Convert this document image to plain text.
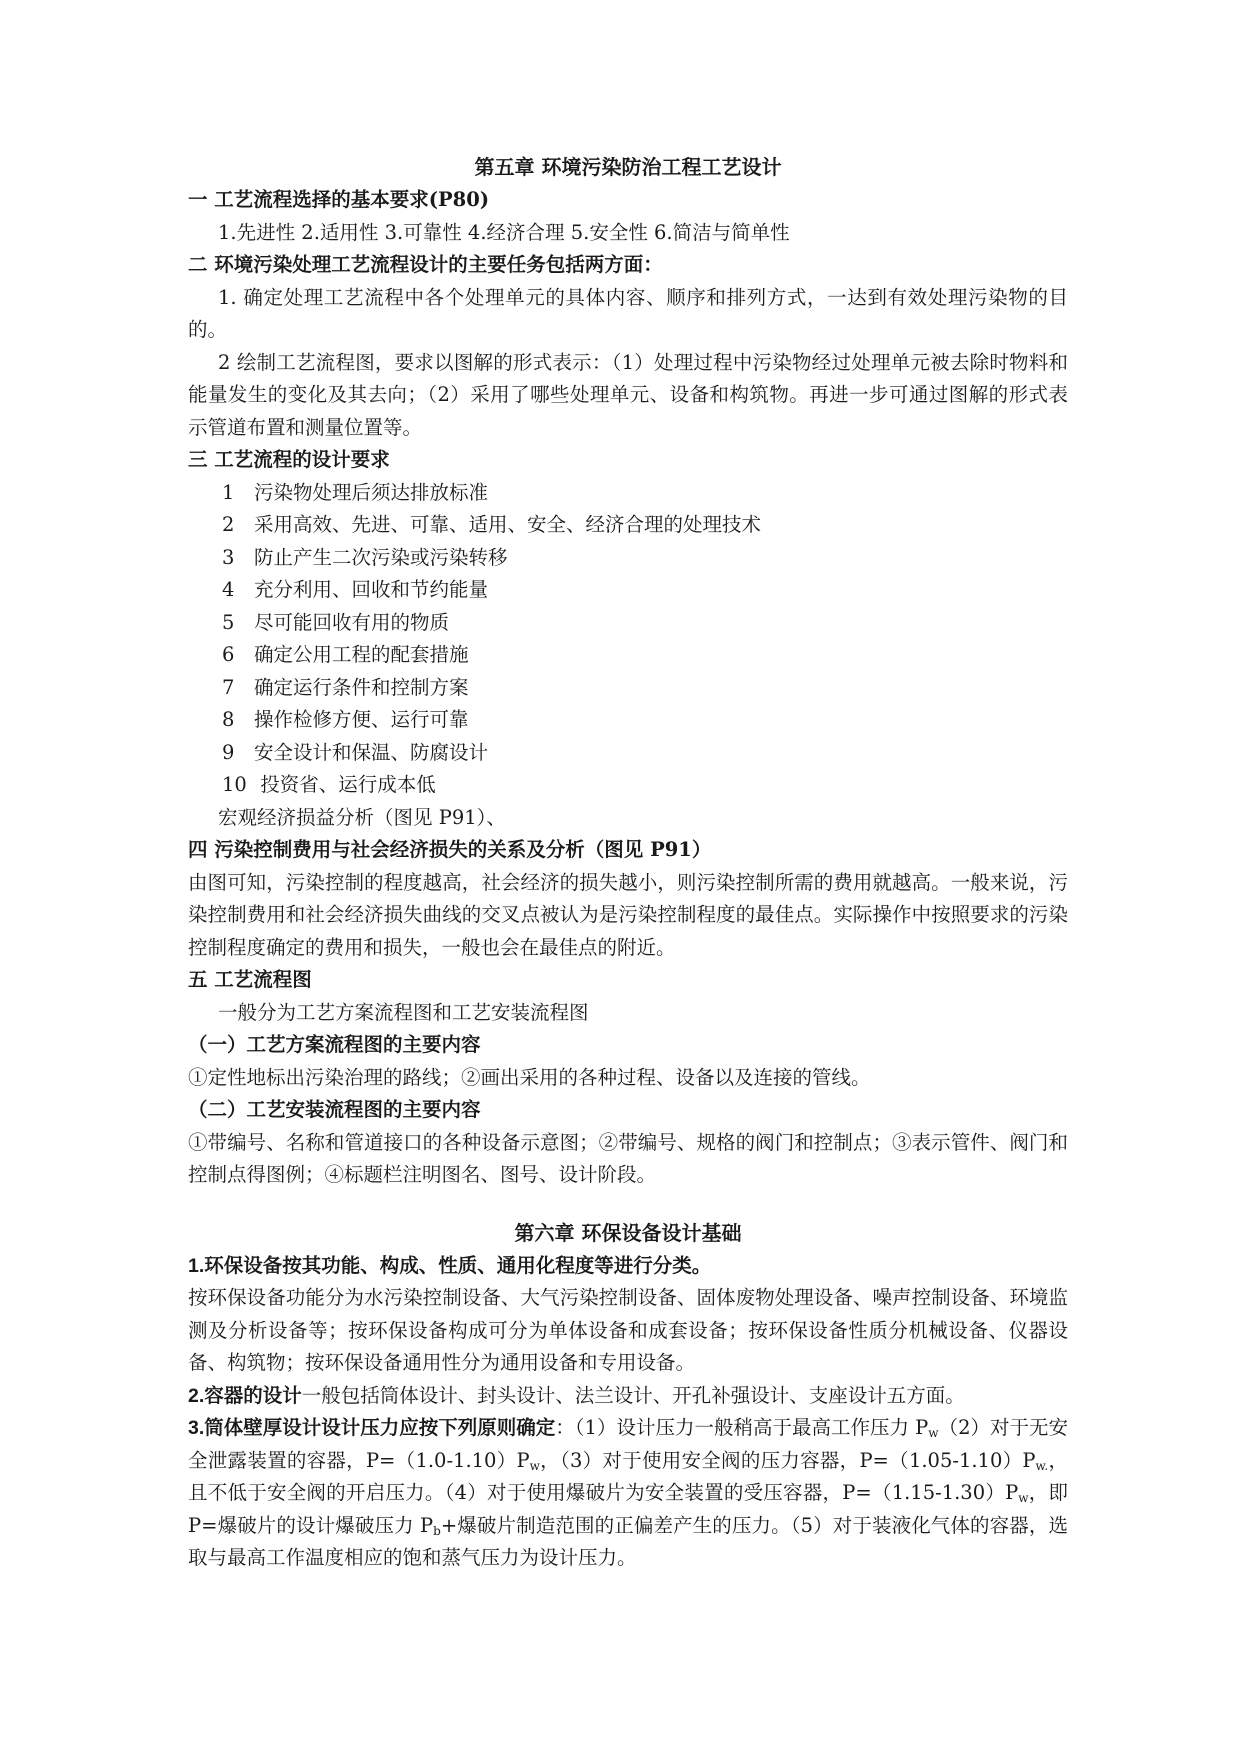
第五章 环境污染防治工程工艺设计
一 工艺流程选择的基本要求(P80)
1.先进性 2.适用性 3.可靠性 4.经济合理 5.安全性 6.简洁与简单性
二 环境污染处理工艺流程设计的主要任务包括两方面：
1. 确定处理工艺流程中各个处理单元的具体内容、顺序和排列方式，一达到有效处理污染物的目的。
2 绘制工艺流程图，要求以图解的形式表示：（1）处理过程中污染物经过处理单元被去除时物料和能量发生的变化及其去向；（2）采用了哪些处理单元、设备和构筑物。再进一步可通过图解的形式表示管道布置和测量位置等。
三 工艺流程的设计要求
1 污染物处理后须达排放标准
2 采用高效、先进、可靠、适用、安全、经济合理的处理技术
3 防止产生二次污染或污染转移
4 充分利用、回收和节约能量
5 尽可能回收有用的物质
6 确定公用工程的配套措施
7 确定运行条件和控制方案
8 操作检修方便、运行可靠
9 安全设计和保温、防腐设计
10 投资省、运行成本低
宏观经济损益分析（图见 P91）、
四 污染控制费用与社会经济损失的关系及分析（图见 P91）
由图可知，污染控制的程度越高，社会经济的损失越小，则污染控制所需的费用就越高。一般来说，污染控制费用和社会经济损失曲线的交叉点被认为是污染控制程度的最佳点。实际操作中按照要求的污染控制程度确定的费用和损失，一般也会在最佳点的附近。
五 工艺流程图
一般分为工艺方案流程图和工艺安装流程图
（一）工艺方案流程图的主要内容
①定性地标出污染治理的路线；②画出采用的各种过程、设备以及连接的管线。
（二）工艺安装流程图的主要内容
①带编号、名称和管道接口的各种设备示意图；②带编号、规格的阀门和控制点；③表示管件、阀门和控制点得图例；④标题栏注明图名、图号、设计阶段。
第六章 环保设备设计基础
1.环保设备按其功能、构成、性质、通用化程度等进行分类。
按环保设备功能分为水污染控制设备、大气污染控制设备、固体废物处理设备、噪声控制设备、环境监测及分析设备等；按环保设备构成可分为单体设备和成套设备；按环保设备性质分机械设备、仪器设备、构筑物；按环保设备通用性分为通用设备和专用设备。
2.容器的设计一般包括筒体设计、封头设计、法兰设计、开孔补强设计、支座设计五方面。
3.筒体壁厚设计设计压力应按下列原则确定：（1）设计压力一般稍高于最高工作压力 $P_w(2)$对于无安全泄露装置的容器，$P=(1.0-1.10)P_w$，（3）对于使用安全阀的压力容器，$P=(1.05-1.10)P_{w.}$， 且不低于安全阀的开启压力。（4）对于使用爆破片为安全装置的受压容器，$P=(1.15-1.30)P_w$，即 P=爆破片的设计爆破压力 $P_b+$爆破片制造范围的正偏差产生的压力。（5）对于装液化气体的容器，选取与最高工作温度相应的饱和蒸气压力为设计压力。
